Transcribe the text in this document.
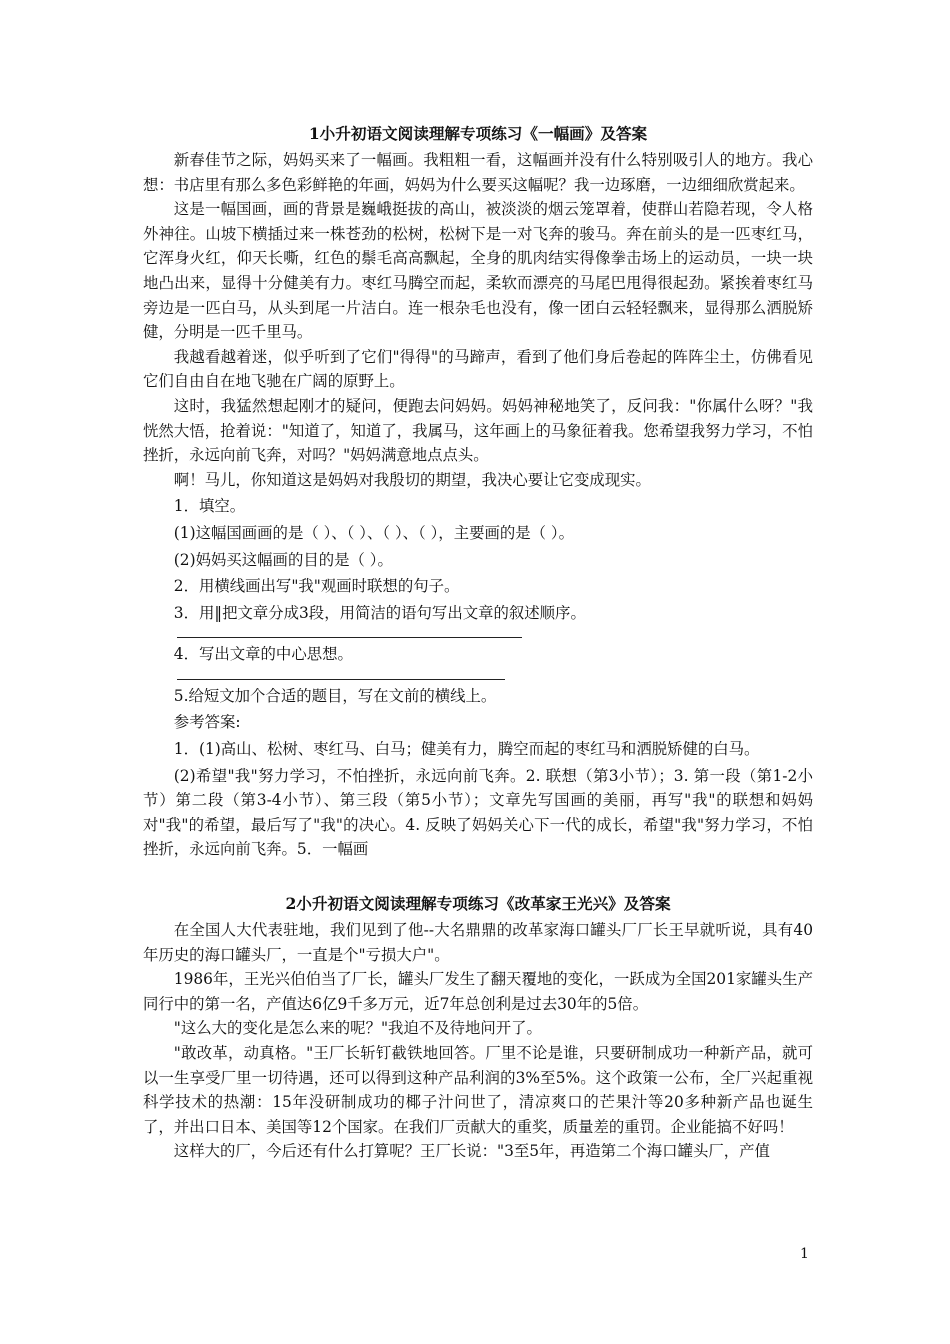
1小升初语文阅读理解专项练习《一幅画》及答案

新春佳节之际，妈妈买来了一幅画。我粗粗一看，这幅画并没有什么特别吸引人的地方。我心想：书店里有那么多色彩鲜艳的年画，妈妈为什么要买这幅呢？我一边琢磨，一边细细欣赏起来。

这是一幅国画，画的背景是巍峨挺拔的高山，被淡淡的烟云笼罩着，使群山若隐若现，令人格外神往。山坡下横插过来一株苍劲的松树，松树下是一对飞奔的骏马。奔在前头的是一匹枣红马，它浑身火红，仰天长嘶，红色的鬃毛高高飘起，全身的肌肉结实得像拳击场上的运动员，一块一块地凸出来，显得十分健美有力。枣红马腾空而起，柔软而漂亮的马尾巴甩得很起劲。紧挨着枣红马旁边是一匹白马，从头到尾一片洁白。连一根杂毛也没有，像一团白云轻轻飘来，显得那么洒脱矫健，分明是一匹千里马。

我越看越着迷，似乎听到了它们"得得"的马蹄声，看到了他们身后卷起的阵阵尘土，仿佛看见它们自由自在地飞驰在广阔的原野上。

这时，我猛然想起刚才的疑问，便跑去问妈妈。妈妈神秘地笑了，反问我："你属什么呀？"我恍然大悟，抢着说："知道了，知道了，我属马，这年画上的马象征着我。您希望我努力学习，不怕挫折，永远向前飞奔，对吗？"妈妈满意地点点头。

啊！马儿，你知道这是妈妈对我殷切的期望，我决心要让它变成现实。

1．填空。

(1)这幅国画画的是（ ）、（ ）、（ ）、（ ），主要画的是（ ）。

(2)妈妈买这幅画的目的是（ ）。

2．用横线画出写"我"观画时联想的句子。

3．用‖把文章分成3段，用简洁的语句写出文章的叙述顺序。

4．写出文章的中心思想。

5.给短文加个合适的题目，写在文前的横线上。

参考答案:

1．(1)高山、松树、枣红马、白马；健美有力，腾空而起的枣红马和洒脱矫健的白马。

(2)希望"我"努力学习，不怕挫折，永远向前飞奔。2. 联想（第3小节）；3. 第一段（第1-2小节）第二段（第3-4小节）、第三段（第5小节）；文章先写国画的美丽，再写"我"的联想和妈妈对"我"的希望，最后写了"我"的决心。4. 反映了妈妈关心下一代的成长，希望"我"努力学习，不怕挫折，永远向前飞奔。5．一幅画

2小升初语文阅读理解专项练习《改革家王光兴》及答案

在全国人大代表驻地，我们见到了他--大名鼎鼎的改革家海口罐头厂厂长王早就听说，具有40年历史的海口罐头厂，一直是个"亏损大户"。

1986年，王光兴伯伯当了厂长，罐头厂发生了翻天覆地的变化，一跃成为全国201家罐头生产同行中的第一名，产值达6亿9千多万元，近7年总创利是过去30年的5倍。

"这么大的变化是怎么来的呢？"我迫不及待地问开了。

"敢改革，动真格。"王厂长斩钉截铁地回答。厂里不论是谁，只要研制成功一种新产品，就可以一生享受厂里一切待遇，还可以得到这种产品利润的3%至5%。这个政策一公布，全厂兴起重视科学技术的热潮：15年没研制成功的椰子汁问世了，清凉爽口的芒果汁等20多种新产品也诞生了，并出口日本、美国等12个国家。在我们厂贡献大的重奖，质量差的重罚。企业能搞不好吗！

这样大的厂，今后还有什么打算呢？王厂长说："3至5年，再造第二个海口罐头厂，产值

1
